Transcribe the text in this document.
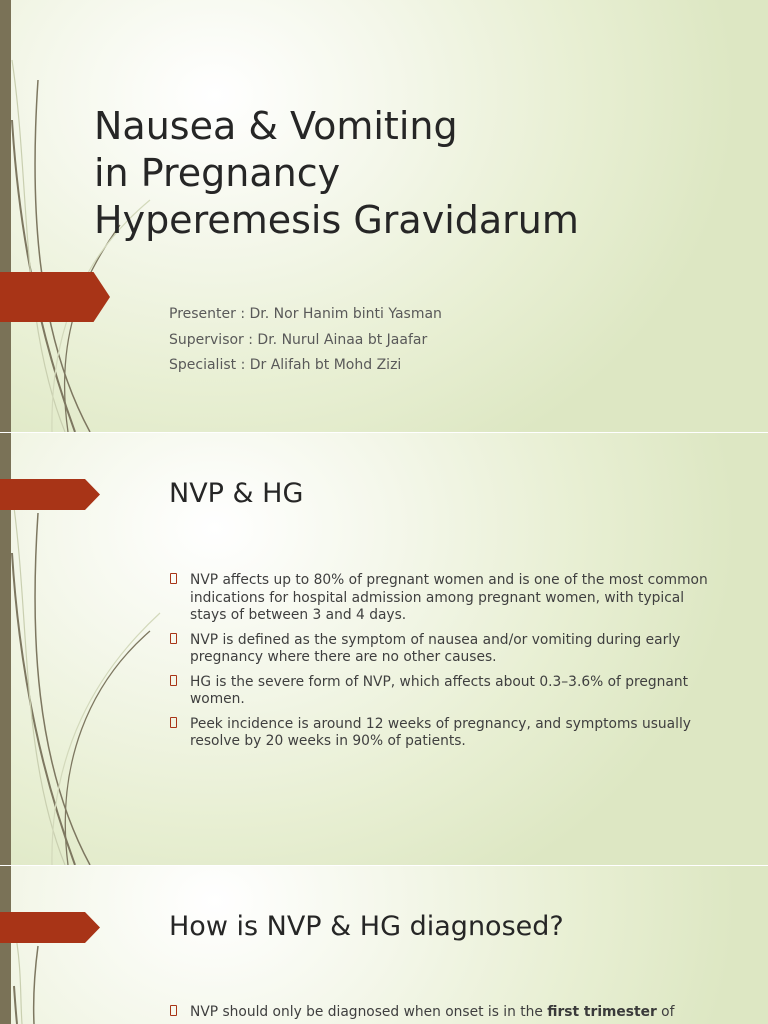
Nausea & Vomiting
in Pregnancy
Hyperemesis Gravidarum
Presenter : Dr. Nor Hanim binti Yasman
Supervisor : Dr. Nurul Ainaa bt Jaafar
Specialist : Dr Alifah bt Mohd Zizi
NVP & HG
NVP affects up to 80% of pregnant women and is one of the most common indications for hospital admission among pregnant women, with typical stays of between 3 and 4 days.
NVP is defined as the symptom of nausea and/or vomiting during early pregnancy where there are no other causes.
HG is the severe form of NVP, which affects about 0.3–3.6% of pregnant women.
Peek incidence is around 12 weeks of pregnancy, and symptoms usually resolve by 20 weeks in 90% of patients.
How is NVP & HG diagnosed?
NVP should only be diagnosed when onset is in the first trimester of
